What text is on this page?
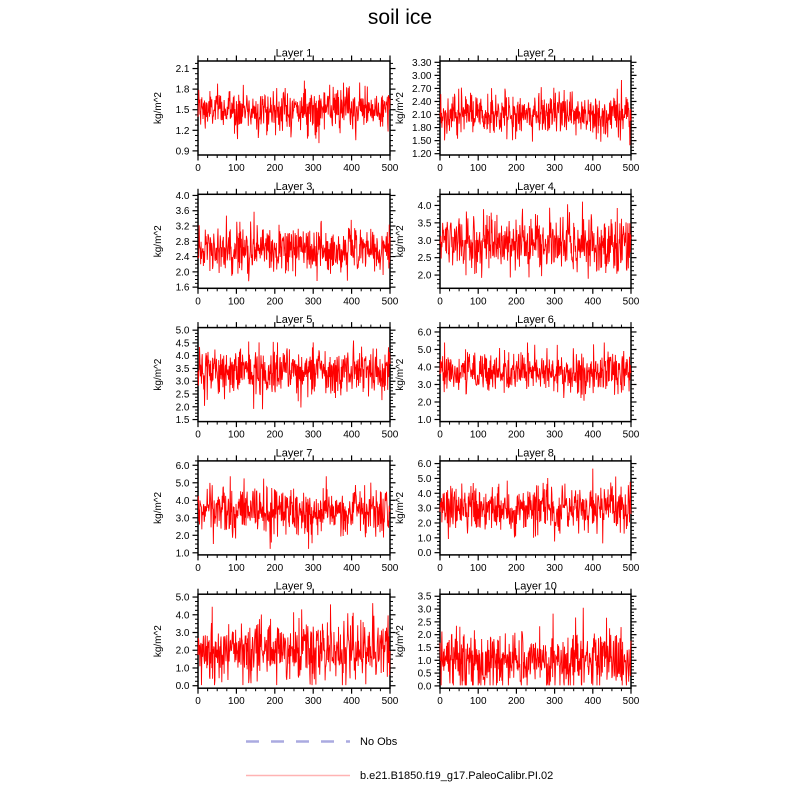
soil ice
Layer 1
kg/m^2
0.9
1.2
1.5
1.8
2.1
0	100 200 300 400 500
Layer 2
kg/m^2
1.20
1.50
1.80
2.10
2.40
2.70
3.00
3.30
0	100 200 300 400 500
Layer 3
kg/m^2
1.6
2.0
2.4
2.8
3.2
3.6
4.0
0	100 200 300 400 500
Layer 4
kg/m^2
2.0
2.5
3.0
3.5
4.0
0	100 200 300 400 500
Layer 5
kg/m^2
1.5
2.0
2.5
3.0
3.5
4.0
4.5
5.0
0	100 200 300 400 500
Layer 6
kg/m^2
1.0
2.0
3.0
4.0
5.0
6.0
0	100 200 300 400 500
Layer 7
kg/m^2
1.0
2.0
3.0
4.0
5.0
6.0
0	100 200 300 400 500
Layer 8
kg/m^2
0.0
1.0
2.0
3.0
4.0
5.0
6.0
0	100 200 300 400 500
Layer 9
kg/m^2
0.0
1.0
2.0
3.0
4.0
5.0
0	100 200 300 400 500
Layer 10
kg/m^2
0.0
0.5
1.0
1.5
2.0
2.5
3.0
3.5
0	100 200 300 400 500
No Obs
b.e21.B1850.f19_g17.PaleoCalibr.PI.02
